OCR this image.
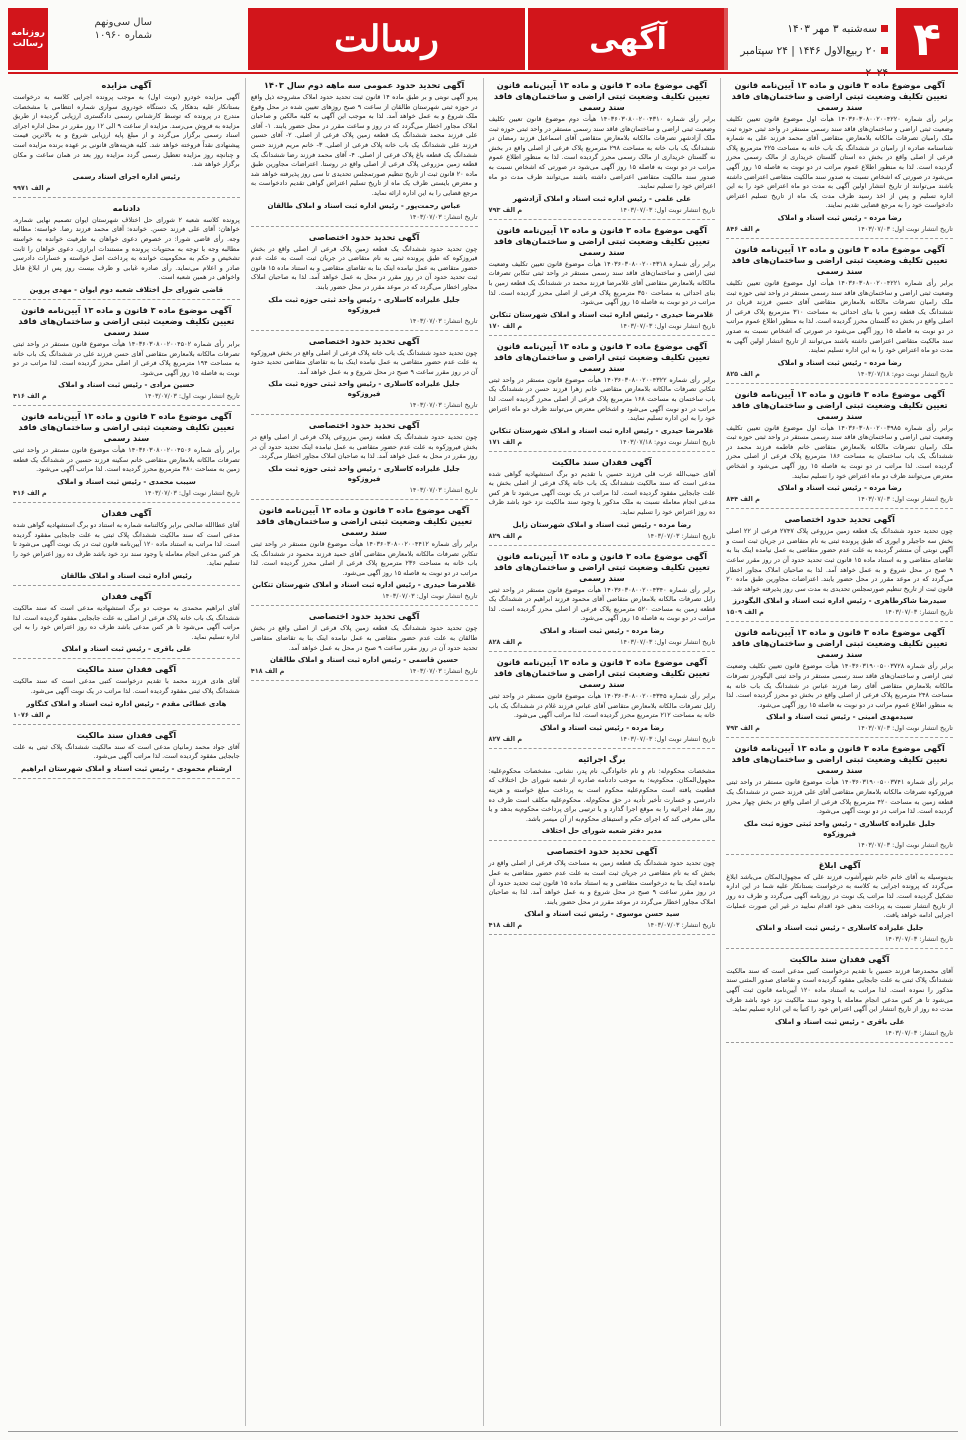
۴
سه‌شنبه ۳ مهر ۱۴۰۳
۲۰ ربیع‌الاول ۱۴۴۶ | ۲۴ سپتامبر
آگهی
رسالت
سال سی‌ونهم
شماره ۱۰۹۶۰
روزنامه رسالت
آگهی موضوع ماده ۳ قانون و ماده ۱۳ آیین‌نامه قانون تعیین تکلیف وضعیت ثبتی اراضی و ساختمان‌های فاقد سند رسمی
برابر رأی شماره ۱۴۰۳۶۰۳۰۸۰۰۲۰۰۴۲۲۰ هیأت اول موضوع قانون تعیین تکلیف وضعیت ثبتی اراضی و ساختمان‌های فاقد سند رسمی مستقر در واحد ثبتی حوزه ثبت ملک رامیان تصرفات مالکانه بلامعارض متقاضی آقای محمد فرزند علی به شماره شناسنامه صادره از رامیان در ششدانگ یک باب خانه به مساحت ۲۲۵ مترمربع پلاک فرعی از اصلی واقع در بخش ده استان گلستان خریداری از مالک رسمی محرز گردیده است. لذا به منظور اطلاع عموم مراتب در دو نوبت به فاصله ۱۵ روز آگهی می‌شود در صورتی که اشخاص نسبت به صدور سند مالکیت متقاضی اعتراضی داشته باشند می‌توانند از تاریخ انتشار اولین آگهی به مدت دو ماه اعتراض خود را به این اداره تسلیم و پس از اخذ رسید ظرف مدت یک ماه از تاریخ تسلیم اعتراض دادخواست خود را به مرجع قضایی تقدیم نمایند.
رضا مرده - رئیس ثبت اسناد و املاک
تاریخ انتشار نوبت اول: ۱۴۰۳/۰۷/۰۳
م الف ۸۴۶
آگهی موضوع ماده ۳ قانون و ماده ۱۳ آیین‌نامه قانون تعیین تکلیف وضعیت ثبتی اراضی و ساختمان‌های فاقد سند رسمی
برابر رأی شماره ۱۴۰۳۶۰۳۰۸۰۰۲۰۰۴۲۲۱ هیأت اول موضوع قانون تعیین تکلیف وضعیت ثبتی اراضی و ساختمان‌های فاقد سند رسمی مستقر در واحد ثبتی حوزه ثبت ملک رامیان تصرفات مالکانه بلامعارض متقاضی آقای حسین فرزند قربان در ششدانگ یک قطعه زمین با بنای احداثی به مساحت ۳۱۰ مترمربع پلاک فرعی از اصلی واقع در بخش ده گلستان محرز گردیده است. لذا به منظور اطلاع عموم مراتب در دو نوبت به فاصله ۱۵ روز آگهی می‌شود در صورتی که اشخاص نسبت به صدور سند مالکیت متقاضی اعتراضی داشته باشند می‌توانند از تاریخ انتشار اولین آگهی به مدت دو ماه اعتراض خود را به این اداره تسلیم نمایند.
رضا مرده - رئیس ثبت اسناد و املاک
تاریخ انتشار نوبت دوم: ۱۴۰۳/۰۷/۱۸
م الف ۸۲۵
آگهی موضوع ماده ۳ قانون و ماده ۱۳ آیین‌نامه قانون تعیین تکلیف وضعیت ثبتی اراضی و ساختمان‌های فاقد سند رسمی
برابر رأی شماره ۱۴۰۳۶۰۳۰۸۰۰۲۰۰۳۹۸۵ هیأت اول موضوع قانون تعیین تکلیف وضعیت ثبتی اراضی و ساختمان‌های فاقد سند رسمی مستقر در واحد ثبتی حوزه ثبت ملک رامیان تصرفات مالکانه بلامعارض متقاضی خانم فاطمه فرزند محمد در ششدانگ یک باب ساختمان به مساحت ۱۸۶ مترمربع پلاک فرعی از اصلی محرز گردیده است. لذا مراتب در دو نوبت به فاصله ۱۵ روز آگهی می‌شود و اشخاص معترض می‌توانند ظرف دو ماه اعتراض خود را تسلیم نمایند.
رضا مرده - رئیس ثبت اسناد و املاک
تاریخ انتشار نوبت اول: ۱۴۰۳/۰۷/۰۳
م الف ۸۴۴
آگهی تحدید حدود اختصاصی
چون تحدید حدود ششدانگ یک قطعه زمین مزروعی پلاک ۲۷۴۷ فرعی از ۲۲ اصلی بخش سه حاجیلر و ایوری که طبق پرونده ثبتی به نام متقاضی در جریان ثبت است و آگهی نوبتی آن منتشر گردیده به علت عدم حضور متقاضی به عمل نیامده اینک بنا به تقاضای متقاضی و به استناد ماده ۱۵ قانون ثبت تحدید حدود آن در روز مقرر ساعت ۹ صبح در محل شروع و به عمل خواهد آمد. لذا به صاحبان املاک مجاور اخطار می‌گردد که در موعد مقرر در محل حضور یابند. اعتراضات مجاورین طبق ماده ۲۰ قانون ثبت از تاریخ تنظیم صورتمجلس تحدیدی به مدت سی روز پذیرفته خواهد شد.
سیدرضا شاکرطاهری - رئیس اداره ثبت اسناد و املاک الیگودرز
تاریخ انتشار: ۱۴۰۳/۰۷/۰۳
م الف ۱۵۰۹
آگهی موضوع ماده ۳ قانون و ماده ۱۳ آیین‌نامه قانون تعیین تکلیف وضعیت ثبتی اراضی و ساختمان‌های فاقد سند رسمی
برابر رأی شماره ۱۴۰۳۶۰۳۱۹۰۰۵۰۰۳۷۲۸ هیأت موضوع قانون تعیین تکلیف وضعیت ثبتی اراضی و ساختمان‌های فاقد سند رسمی مستقر در واحد ثبتی الیگودرز تصرفات مالکانه بلامعارض متقاضی آقای رضا فرزند عباس در ششدانگ یک باب خانه به مساحت ۲۴۸ مترمربع پلاک فرعی از اصلی واقع در بخش دو محرز گردیده است. لذا به منظور اطلاع عموم مراتب در دو نوبت به فاصله ۱۵ روز آگهی می‌شود.
سیدمهدی امینی - رئیس ثبت اسناد و املاک
تاریخ انتشار نوبت اول: ۱۴۰۳/۰۷/۰۳
م الف ۷۹۳
آگهی موضوع ماده ۳ قانون و ماده ۱۳ آیین‌نامه قانون تعیین تکلیف وضعیت ثبتی اراضی و ساختمان‌های فاقد سند رسمی
برابر رأی شماره ۱۴۰۳۶۰۳۱۹۰۰۵۰۰۳۷۴۱ هیأت موضوع قانون مستقر در واحد ثبتی فیروزکوه تصرفات مالکانه بلامعارض متقاضی آقای علی فرزند حسن در ششدانگ یک قطعه زمین به مساحت ۴۲۰ مترمربع پلاک فرعی از اصلی واقع در بخش چهار محرز گردیده است. لذا مراتب در دو نوبت آگهی می‌شود.
جلیل علیزاده کاسلاری - رئیس واحد ثبتی حوزه ثبت ملک فیروزکوه
تاریخ انتشار نوبت اول: ۱۴۰۳/۰۷/۰۳
آگهی ابلاغ
بدینوسیله به آقای خانم خانم شهرآشوب فرزند علی که مجهول‌المکان می‌باشد ابلاغ می‌گردد که پرونده اجرایی به کلاسه به درخواست بستانکار علیه شما در این اداره تشکیل گردیده است. لذا مراتب یک نوبت در روزنامه آگهی می‌گردد و ظرف ده روز از تاریخ انتشار نسبت به پرداخت بدهی خود اقدام نمایید در غیر این صورت عملیات اجرایی ادامه خواهد یافت.
جلیل علیزاده کاسلاری - رئیس ثبت اسناد و املاک
تاریخ انتشار: ۱۴۰۳/۰۷/۰۳
آگهی فقدان سند مالکیت
آقای محمدرضا فرزند حسین با تقدیم درخواست کتبی مدعی است که سند مالکیت ششدانگ پلاک ثبتی به علت جابجایی مفقود گردیده است و تقاضای صدور المثنی سند مذکور را نموده است. لذا مراتب به استناد ماده ۱۲۰ آیین‌نامه قانون ثبت آگهی می‌شود تا هر کس مدعی انجام معامله یا وجود سند مالکیت نزد خود باشد ظرف مدت ده روز از تاریخ انتشار این آگهی اعتراض خود را کتباً به این اداره تسلیم نماید.
علی باقری - رئیس ثبت اسناد و املاک
تاریخ انتشار: ۱۴۰۳/۰۷/۰۳
آگهی موضوع ماده ۳ قانون و ماده ۱۳ آیین‌نامه قانون تعیین تکلیف وضعیت ثبتی اراضی و ساختمان‌های فاقد سند رسمی
برابر رأی شماره ۱۴۰۳۶۰۳۰۸۰۰۲۰۰۴۳۱۰ هیأت دوم موضوع قانون تعیین تکلیف وضعیت ثبتی اراضی و ساختمان‌های فاقد سند رسمی مستقر در واحد ثبتی حوزه ثبت ملک آزادشهر تصرفات مالکانه بلامعارض متقاضی آقای اسماعیل فرزند رمضان در ششدانگ یک باب خانه به مساحت ۲۹۸ مترمربع پلاک فرعی از اصلی واقع در بخش نه گلستان خریداری از مالک رسمی محرز گردیده است. لذا به منظور اطلاع عموم مراتب در دو نوبت به فاصله ۱۵ روز آگهی می‌شود در صورتی که اشخاص نسبت به صدور سند مالکیت متقاضی اعتراضی داشته باشند می‌توانند ظرف مدت دو ماه اعتراض خود را تسلیم نمایند.
علی علمی - رئیس اداره ثبت اسناد و املاک آزادشهر
تاریخ انتشار نوبت اول: ۱۴۰۳/۰۷/۰۳
م الف ۷۹۳
آگهی موضوع ماده ۳ قانون و ماده ۱۳ آیین‌نامه قانون تعیین تکلیف وضعیت ثبتی اراضی و ساختمان‌های فاقد سند رسمی
برابر رأی شماره ۱۴۰۳۶۰۳۰۸۰۰۲۰۰۴۳۱۸ هیأت موضوع قانون تعیین تکلیف وضعیت ثبتی اراضی و ساختمان‌های فاقد سند رسمی مستقر در واحد ثبتی تنکابن تصرفات مالکانه بلامعارض متقاضی آقای غلامرضا فرزند محمد در ششدانگ یک قطعه زمین با بنای احداثی به مساحت ۳۵۰ مترمربع پلاک فرعی از اصلی محرز گردیده است. لذا مراتب در دو نوبت به فاصله ۱۵ روز آگهی می‌شود.
غلامرضا حیدری - رئیس اداره ثبت اسناد و املاک شهرستان تنکابن
تاریخ انتشار نوبت اول: ۱۴۰۳/۰۷/۰۳
م الف ۱۷۰
آگهی موضوع ماده ۳ قانون و ماده ۱۳ آیین‌نامه قانون تعیین تکلیف وضعیت ثبتی اراضی و ساختمان‌های فاقد سند رسمی
برابر رأی شماره ۱۴۰۳۶۰۳۰۸۰۰۲۰۰۴۳۲۲ هیأت موضوع قانون مستقر در واحد ثبتی تنکابن تصرفات مالکانه بلامعارض متقاضی خانم زهرا فرزند حسن در ششدانگ یک باب ساختمان به مساحت ۱۶۸ مترمربع پلاک فرعی از اصلی محرز گردیده است. لذا مراتب در دو نوبت آگهی می‌شود و اشخاص معترض می‌توانند ظرف دو ماه اعتراض خود را به این اداره تسلیم نمایند.
غلامرضا حیدری - رئیس اداره ثبت اسناد و املاک شهرستان تنکابن
تاریخ انتشار نوبت دوم: ۱۴۰۳/۰۷/۱۸
م الف ۱۷۱
آگهی فقدان سند مالکیت
آقای حبیب‌الله عرب قلی فرزند حسین با تقدیم دو برگ استشهادیه گواهی شده مدعی است که سند مالکیت ششدانگ یک باب خانه پلاک فرعی از اصلی بخش به علت جابجایی مفقود گردیده است. لذا مراتب در یک نوبت آگهی می‌شود تا هر کس مدعی انجام معامله نسبت به ملک مذکور یا وجود سند مالکیت نزد خود باشد ظرف ده روز اعتراض خود را تسلیم نماید.
رضا مرده - رئیس ثبت اسناد و املاک شهرستان زابل
تاریخ انتشار: ۱۴۰۳/۰۷/۰۳
م الف ۸۲۹
آگهی موضوع ماده ۳ قانون و ماده ۱۳ آیین‌نامه قانون تعیین تکلیف وضعیت ثبتی اراضی و ساختمان‌های فاقد سند رسمی
برابر رأی شماره ۱۴۰۳۶۰۳۰۸۰۰۲۰۰۴۳۴۰ هیأت موضوع قانون مستقر در واحد ثبتی زابل تصرفات مالکانه بلامعارض متقاضی آقای محمود فرزند ابراهیم در ششدانگ یک قطعه زمین به مساحت ۵۲۰ مترمربع پلاک فرعی از اصلی محرز گردیده است. لذا مراتب در دو نوبت به فاصله ۱۵ روز آگهی می‌شود.
رضا مرده - رئیس ثبت اسناد و املاک
تاریخ انتشار نوبت اول: ۱۴۰۳/۰۷/۰۳
م الف ۸۲۸
آگهی موضوع ماده ۳ قانون و ماده ۱۳ آیین‌نامه قانون تعیین تکلیف وضعیت ثبتی اراضی و ساختمان‌های فاقد سند رسمی
برابر رأی شماره ۱۴۰۳۶۰۳۰۸۰۰۲۰۰۴۳۴۵ هیأت موضوع قانون مستقر در واحد ثبتی زابل تصرفات مالکانه بلامعارض متقاضی آقای عباس فرزند غلام در ششدانگ یک باب خانه به مساحت ۲۱۲ مترمربع محرز گردیده است. لذا مراتب آگهی می‌شود.
رضا مرده - رئیس ثبت اسناد و املاک
تاریخ انتشار نوبت اول: ۱۴۰۳/۰۷/۰۳
م الف ۸۲۷
برگ اجرائیه
مشخصات محکوم‌له: نام و نام خانوادگی، نام پدر، نشانی. مشخصات محکوم‌علیه: مجهول‌المکان. محکوم‌به: به موجب دادنامه صادره از شعبه شورای حل اختلاف که قطعیت یافته است محکوم‌علیه محکوم است به پرداخت مبلغ خواسته و هزینه دادرسی و خسارت تأخیر تأدیه در حق محکوم‌له. محکوم‌علیه مکلف است ظرف ده روز مفاد اجرائیه را به موقع اجرا گذارد و یا ترتیبی برای پرداخت محکوم‌به بدهد و یا مالی معرفی کند که اجرای حکم و استیفای محکوم‌به از آن میسر باشد.
مدیر دفتر شعبه شورای حل اختلاف
آگهی تحدید حدود اختصاصی
چون تحدید حدود ششدانگ یک قطعه زمین به مساحت پلاک فرعی از اصلی واقع در بخش که به نام متقاضی در جریان ثبت است به علت عدم حضور متقاضی به عمل نیامده اینک بنا به درخواست متقاضی و به استناد ماده ۱۵ قانون ثبت تحدید حدود آن در روز مقرر ساعت ۹ صبح در محل شروع و به عمل خواهد آمد. لذا به صاحبان املاک مجاور اخطار می‌گردد در موعد مقرر در محل حضور یابند.
سید حسن موسوی - رئیس ثبت اسناد و املاک
تاریخ انتشار: ۱۴۰۳/۰۷/۰۳
م الف ۴۱۸
آگهی تحدید حدود عمومی سه ماهه دوم سال ۱۴۰۳
پیرو آگهی نوبتی و بر طبق ماده ۱۴ قانون ثبت تحدید حدود املاک مشروحه ذیل واقع در حوزه ثبتی شهرستان طالقان از ساعت ۹ صبح روزهای تعیین شده در محل وقوع ملک شروع و به عمل خواهد آمد. لذا به موجب این آگهی به کلیه مالکین و صاحبان املاک مجاور اخطار می‌گردد که در روز و ساعت مقرر در محل حضور یابند. ۱- آقای علی فرزند محمد ششدانگ یک قطعه زمین پلاک فرعی از اصلی. ۲- آقای حسین فرزند علی ششدانگ یک باب خانه پلاک فرعی از اصلی. ۳- خانم مریم فرزند حسن ششدانگ یک قطعه باغ پلاک فرعی از اصلی. ۴- آقای محمد فرزند رضا ششدانگ یک قطعه زمین مزروعی پلاک فرعی از اصلی واقع در روستا. اعتراضات مجاورین طبق ماده ۲۰ قانون ثبت از تاریخ تنظیم صورتمجلس تحدیدی تا سی روز پذیرفته خواهد شد و معترض بایستی ظرف یک ماه از تاریخ تسلیم اعتراض گواهی تقدیم دادخواست به مرجع قضایی را به این اداره ارائه نماید.
عباس رحمت‌پور - رئیس اداره ثبت اسناد و املاک طالقان
تاریخ انتشار: ۱۴۰۳/۰۷/۰۳
آگهی تحدید حدود اختصاصی
چون تحدید حدود ششدانگ یک قطعه زمین پلاک فرعی از اصلی واقع در بخش فیروزکوه که طبق پرونده ثبتی به نام متقاضی در جریان ثبت است به علت عدم حضور متقاضی به عمل نیامده اینک بنا به تقاضای متقاضی و به استناد ماده ۱۵ قانون ثبت تحدید حدود آن در روز مقرر در محل به عمل خواهد آمد. لذا به صاحبان املاک مجاور اخطار می‌گردد که در موعد مقرر در محل حضور یابند.
جلیل علیزاده کاسلاری - رئیس واحد ثبتی حوزه ثبت ملک فیروزکوه
تاریخ انتشار: ۱۴۰۳/۰۷/۰۳
آگهی تحدید حدود اختصاصی
چون تحدید حدود ششدانگ یک باب خانه پلاک فرعی از اصلی واقع در بخش فیروزکوه به علت عدم حضور متقاضی به عمل نیامده اینک بنا به تقاضای متقاضی تحدید حدود آن در روز مقرر ساعت ۹ صبح در محل شروع و به عمل خواهد آمد.
جلیل علیزاده کاسلاری - رئیس واحد ثبتی حوزه ثبت ملک فیروزکوه
تاریخ انتشار: ۱۴۰۳/۰۷/۰۳
آگهی تحدید حدود اختصاصی
چون تحدید حدود ششدانگ یک قطعه زمین مزروعی پلاک فرعی از اصلی واقع در بخش فیروزکوه به علت عدم حضور متقاضی به عمل نیامده اینک تحدید حدود آن در روز مقرر در محل به عمل خواهد آمد. لذا به صاحبان املاک مجاور اخطار می‌گردد.
جلیل علیزاده کاسلاری - رئیس واحد ثبتی حوزه ثبت ملک فیروزکوه
تاریخ انتشار: ۱۴۰۳/۰۷/۰۳
آگهی موضوع ماده ۳ قانون و ماده ۱۳ آیین‌نامه قانون تعیین تکلیف وضعیت ثبتی اراضی و ساختمان‌های فاقد سند رسمی
برابر رأی شماره ۱۴۰۳۶۰۳۰۸۰۰۲۰۰۴۴۱۲ هیأت موضوع قانون مستقر در واحد ثبتی تنکابن تصرفات مالکانه بلامعارض متقاضی آقای حمید فرزند محمود در ششدانگ یک باب خانه به مساحت ۲۳۶ مترمربع پلاک فرعی از اصلی محرز گردیده است. لذا مراتب در دو نوبت به فاصله ۱۵ روز آگهی می‌شود.
غلامرضا حیدری - رئیس اداره ثبت اسناد و املاک شهرستان تنکابن
تاریخ انتشار نوبت اول: ۱۴۰۳/۰۷/۰۳
آگهی تحدید حدود اختصاصی
چون تحدید حدود ششدانگ یک قطعه زمین پلاک فرعی از اصلی واقع در بخش طالقان به علت عدم حضور متقاضی به عمل نیامده اینک بنا به تقاضای متقاضی تحدید حدود آن در روز مقرر ساعت ۹ صبح در محل به عمل خواهد آمد.
حسین قاسمی - رئیس اداره ثبت اسناد و املاک طالقان
تاریخ انتشار: ۱۴۰۳/۰۷/۰۳
م الف ۴۱۸
آگهی مزایده
آگهی مزایده خودرو (نوبت اول) به موجب پرونده اجرایی کلاسه به درخواست بستانکار علیه بدهکار یک دستگاه خودروی سواری شماره انتظامی با مشخصات مندرج در پرونده که توسط کارشناس رسمی دادگستری ارزیابی گردیده از طریق مزایده به فروش می‌رسد. مزایده از ساعت ۹ الی ۱۲ روز مقرر در محل اداره اجرای اسناد رسمی برگزار می‌گردد و از مبلغ پایه ارزیابی شروع و به بالاترین قیمت پیشنهادی نقداً فروخته خواهد شد. کلیه هزینه‌های قانونی بر عهده برنده مزایده است و چنانچه روز مزایده تعطیل رسمی گردد مزایده روز بعد در همان ساعت و مکان برگزار خواهد شد.
رئیس اداره اجرای اسناد رسمی
م الف ۹۹۷۱
دادنامه
پرونده کلاسه شعبه ۲ شورای حل اختلاف شهرستان ایوان تصمیم نهایی شماره. خواهان: آقای علی فرزند حسن. خوانده: آقای محمد فرزند رضا. خواسته: مطالبه وجه. رأی قاضی شورا: در خصوص دعوی خواهان به طرفیت خوانده به خواسته مطالبه وجه با توجه به محتویات پرونده و مستندات ابرازی، دعوی خواهان را ثابت تشخیص و حکم به محکومیت خوانده به پرداخت اصل خواسته و خسارات دادرسی صادر و اعلام می‌نماید. رأی صادره غیابی و ظرف بیست روز پس از ابلاغ قابل واخواهی در همین شعبه است.
قاضی شورای حل اختلاف شعبه دوم ایوان - مهدی پروین
آگهی موضوع ماده ۳ قانون و ماده ۱۳ آیین‌نامه قانون تعیین تکلیف وضعیت ثبتی اراضی و ساختمان‌های فاقد سند رسمی
برابر رأی شماره ۱۴۰۳۶۰۳۰۸۰۰۲۰۰۴۵۰۲ هیأت موضوع قانون مستقر در واحد ثبتی تصرفات مالکانه بلامعارض متقاضی آقای حسن فرزند علی در ششدانگ یک باب خانه به مساحت ۱۹۴ مترمربع پلاک فرعی از اصلی محرز گردیده است. لذا مراتب در دو نوبت به فاصله ۱۵ روز آگهی می‌شود.
حسین مرادی - رئیس ثبت اسناد و املاک
تاریخ انتشار نوبت اول: ۱۴۰۳/۰۷/۰۳
م الف ۴۱۶
آگهی موضوع ماده ۳ قانون و ماده ۱۳ آیین‌نامه قانون تعیین تکلیف وضعیت ثبتی اراضی و ساختمان‌های فاقد سند رسمی
برابر رأی شماره ۱۴۰۳۶۰۳۰۸۰۰۲۰۰۴۵۰۶ هیأت موضوع قانون مستقر در واحد ثبتی تصرفات مالکانه بلامعارض متقاضی خانم سکینه فرزند حسین در ششدانگ یک قطعه زمین به مساحت ۳۸۰ مترمربع محرز گردیده است. لذا مراتب آگهی می‌شود.
سیبب محمدی - رئیس ثبت اسناد و املاک
تاریخ انتشار نوبت اول: ۱۴۰۳/۰۷/۰۳
م الف ۴۱۶
آگهی فقدان
آقای عطاالله صالحی برابر وکالتنامه شماره به استناد دو برگ استشهادیه گواهی شده مدعی است که سند مالکیت ششدانگ پلاک ثبتی به علت جابجایی مفقود گردیده است. لذا مراتب به استناد ماده ۱۲۰ آیین‌نامه قانون ثبت در یک نوبت آگهی می‌شود تا هر کس مدعی انجام معامله یا وجود سند نزد خود باشد ظرف ده روز اعتراض خود را تسلیم نماید.
رئیس اداره ثبت اسناد و املاک طالقان
آگهی فقدان
آقای ابراهیم محمدی به موجب دو برگ استشهادیه مدعی است که سند مالکیت ششدانگ یک باب خانه پلاک فرعی از اصلی به علت جابجایی مفقود گردیده است. لذا مراتب آگهی می‌شود تا هر کس مدعی باشد ظرف ده روز اعتراض خود را به این اداره تسلیم نماید.
علی باقری - رئیس ثبت اسناد و املاک
آگهی فقدان سند مالکیت
آقای هادی فرزند محمد با تقدیم درخواست کتبی مدعی است که سند مالکیت ششدانگ پلاک ثبتی مفقود گردیده است. لذا مراتب در یک نوبت آگهی می‌شود.
هادی عطائی مقدم - رئیس اداره ثبت اسناد و املاک کنگاور
م الف ۱۰۷۶
آگهی فقدان سند مالکیت
آقای جواد محمد زمانیان مدعی است که سند مالکیت ششدانگ پلاک ثبتی به علت جابجایی مفقود گردیده است. لذا مراتب آگهی می‌شود.
ارشنام محمودی - رئیس ثبت اسناد و املاک شهرستان ابراهیم
